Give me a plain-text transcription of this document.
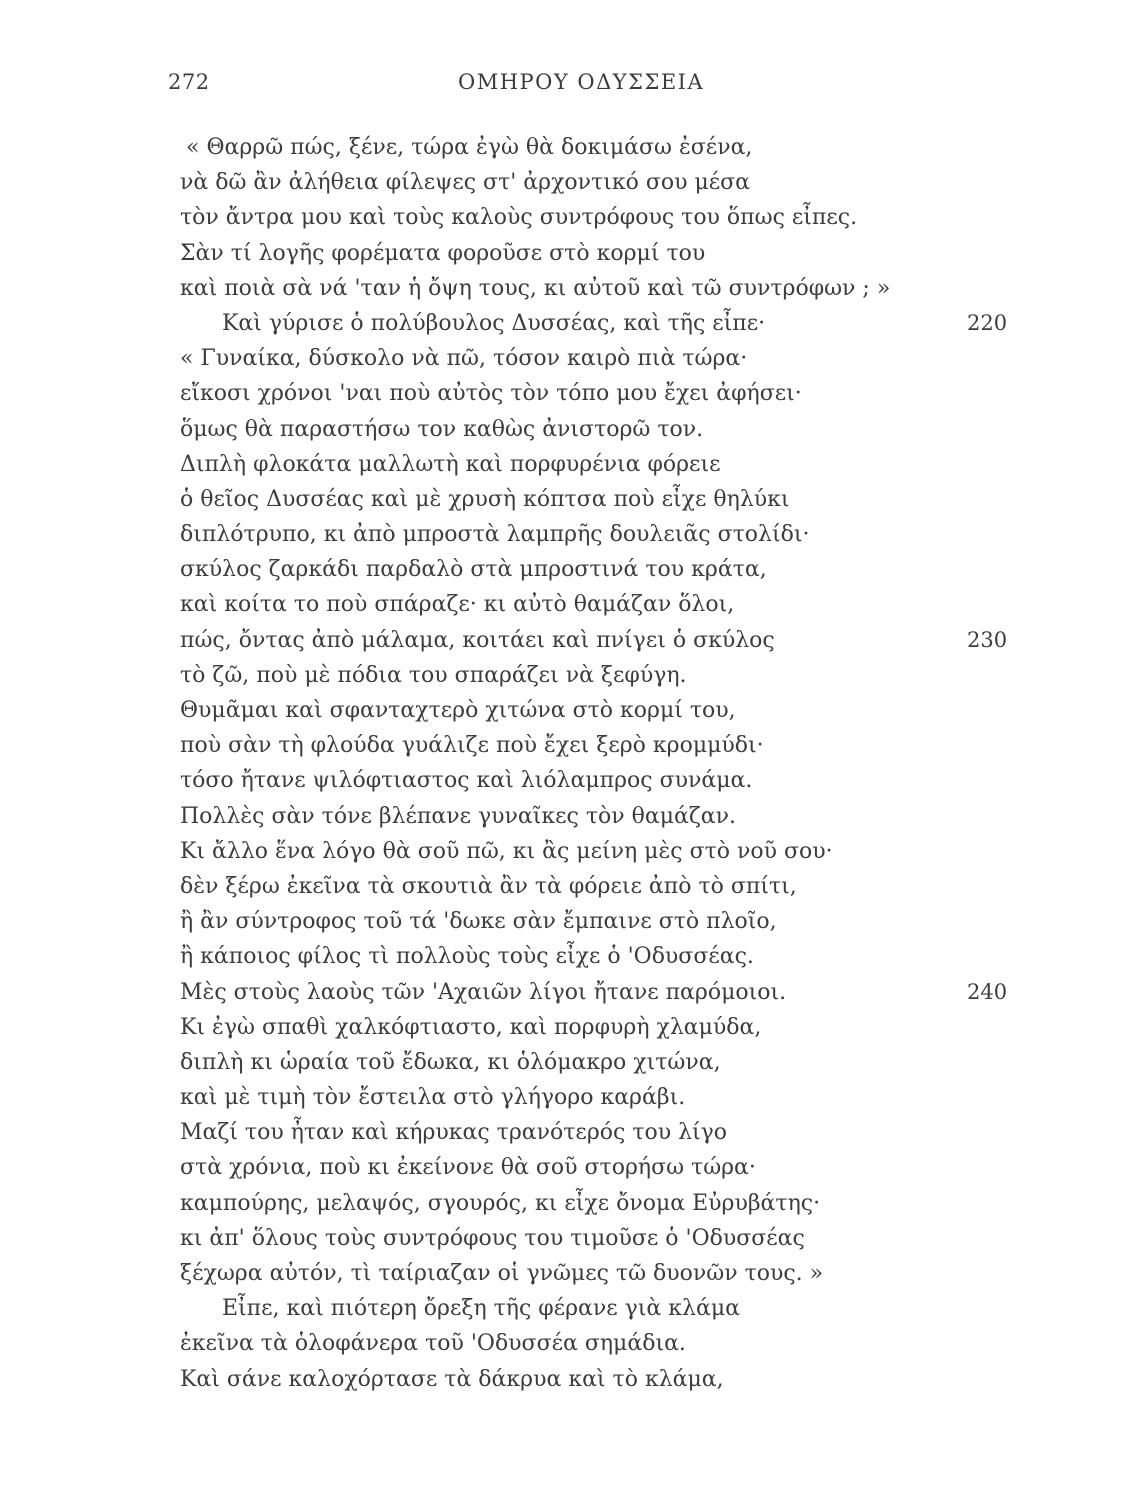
272	ΟΜΗΡΟΥ ΟΔΥΣΣΕΙΑ
« Θαρρῶ πώς, ξένε, τώρα ἐγὼ θὰ δοκιμάσω ἐσένα,
νὰ δῶ ἂν ἀλήθεια φίλεψες στ' ἀρχοντικό σου μέσα
τὸν ἄντρα μου καὶ τοὺς καλοὺς συντρόφους του ὅπως εἶπες.
Σὰν τί λογῆς φορέματα φοροῦσε στὸ κορμί του
καὶ ποιὰ σὰ νά 'ταν ἡ ὄψη τους, κι αὐτοῦ καὶ τῶ συντρόφων ; »
Καὶ γύρισε ὁ πολύβουλος Δυσσέας, καὶ τῆς εἶπε·	220
« Γυναίκα, δύσκολο νὰ πῶ, τόσον καιρὸ πιὰ τώρα·
εἴκοσι χρόνοι 'ναι ποὺ αὐτὸς τὸν τόπο μου ἔχει ἀφήσει·
ὅμως θὰ παραστήσω τον καθὼς ἀνιστορῶ τον.
Διπλὴ φλοκάτα μαλλωτὴ καὶ πορφυρένια φόρειε
ὁ θεῖος Δυσσέας καὶ μὲ χρυσὴ κόπτσα ποὺ εἶχε θηλύκι
διπλότρυπο, κι ἀπὸ μπροστὰ λαμπρῆς δουλειᾶς στολίδι·
σκύλος ζαρκάδι παρδαλὸ στὰ μπροστινά του κράτα,
καὶ κοίτα το ποὺ σπάραζε· κι αὐτὸ θαμάζαν ὅλοι,
πώς, ὄντας ἀπὸ μάλαμα, κοιτάει καὶ πνίγει ὁ σκύλος	230
τὸ ζῶ, ποὺ μὲ πόδια του σπαράζει νὰ ξεφύγη.
Θυμᾶμαι καὶ σφανταχτερὸ χιτώνα στὸ κορμί του,
ποὺ σὰν τὴ φλούδα γυάλιζε ποὺ ἔχει ξερὸ κρομμύδι·
τόσο ἤτανε ψιλόφτιαστος καὶ λιόλαμπρος συνάμα.
Πολλὲς σὰν τόνε βλέπανε γυναῖκες τὸν θαμάζαν.
Κι ἄλλο ἕνα λόγο θὰ σοῦ πῶ, κι ἂς μείνη μὲς στὸ νοῦ σου·
δὲν ξέρω ἐκεῖνα τὰ σκουτιὰ ἂν τὰ φόρειε ἀπὸ τὸ σπίτι,
ἢ ἂν σύντροφος τοῦ τά 'δωκε σὰν ἔμπαινε στὸ πλοῖο,
ἢ κάποιος φίλος τὶ πολλοὺς τοὺς εἶχε ὁ 'Οδυσσέας.
Μὲς στοὺς λαοὺς τῶν 'Αχαιῶν λίγοι ἤτανε παρόμοιοι.	240
Κι ἐγὼ σπαθὶ χαλκόφτιαστο, καὶ πορφυρὴ χλαμύδα,
διπλὴ κι ὡραία τοῦ ἔδωκα, κι ὁλόμακρο χιτώνα,
καὶ μὲ τιμὴ τὸν ἔστειλα στὸ γλήγορο καράβι.
Μαζί του ἦταν καὶ κήρυκας τρανότερός του λίγο
στὰ χρόνια, ποὺ κι ἐκείνονε θὰ σοῦ στορήσω τώρα·
καμπούρης, μελαψός, σγουρός, κι εἶχε ὄνομα Εὐρυβάτης·
κι ἀπ' ὅλους τοὺς συντρόφους του τιμοῦσε ὁ 'Οδυσσέας
ξέχωρα αὐτόν, τὶ ταίριαζαν οἱ γνῶμες τῶ δυονῶν τους. »
Εἶπε, καὶ πιότερη ὄρεξη τῆς φέρανε γιὰ κλάμα
ἐκεῖνα τὰ ὁλοφάνερα τοῦ 'Οδυσσέα σημάδια.
Καὶ σάνε καλοχόρτασε τὰ δάκρυα καὶ τὸ κλάμα,
